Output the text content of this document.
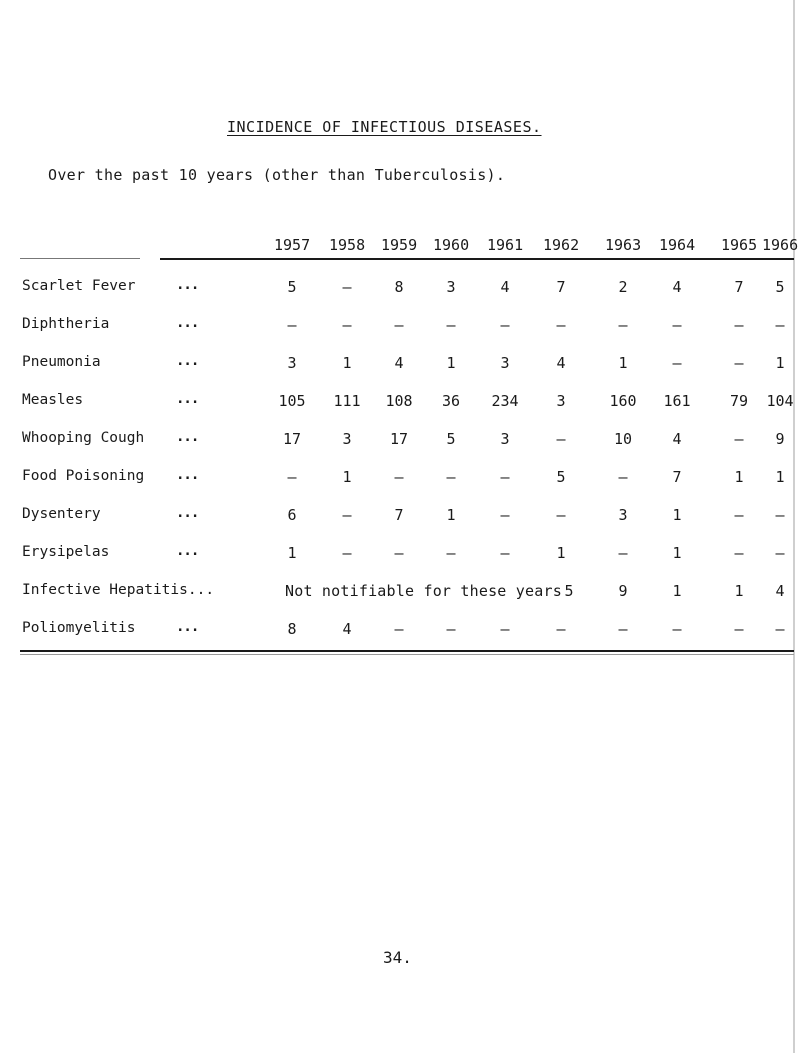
INCIDENCE OF INFECTIOUS DISEASES.
Over the past 10 years (other than Tuberculosis).
1957 1958 1959 1960 1961 1962 1963 1964 1965 1966
Scarlet Fever	...	5	–	8	3	4	7	2	4	7	5
Diphtheria	...	–	–	–	–	–	–	–	–	–	–
Pneumonia	...	3	1	4	1	3	4	1	–	–	1
Measles	...	105	111	108	36	234	3	160	161	79	104
Whooping Cough ...	17	3	17	5	3	–	10	4	–	9
Food Poisoning ...	–	1	–	–	–	5	–	7	1	1
Dysentery	...	6	–	7	1	–	–	3	1	–	–
Erysipelas	...	1	–	–	–	–	1	–	1	–	–
Infective Hepatitis...	Not notifiable for these years 5	9	1	1	4
Poliomyelitis	...	8	4	–	–	–	–	–	–	–	–
34.
